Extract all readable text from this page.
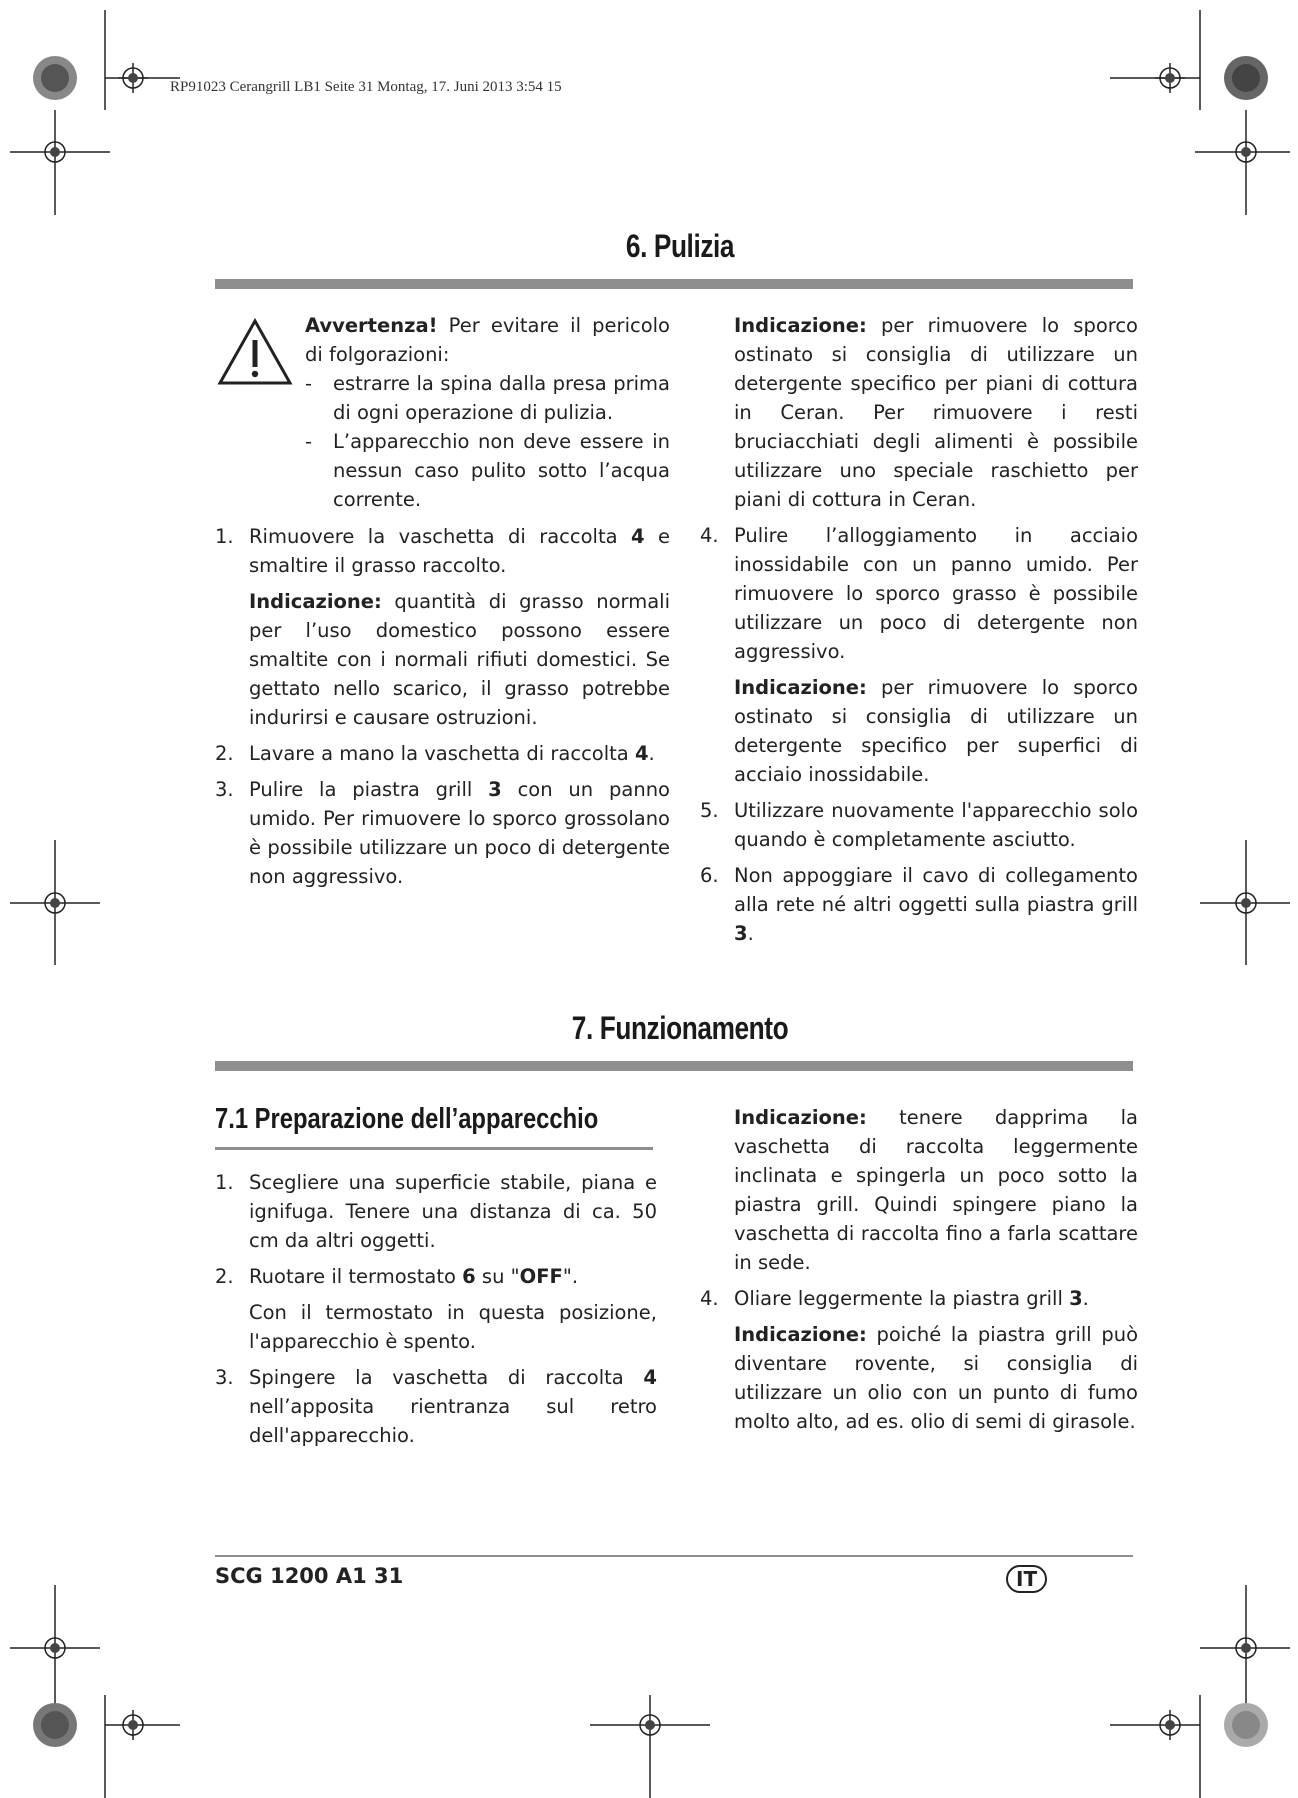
RP91023 Cerangrill LB1 Seite 31 Montag, 17. Juni 2013 3:54 15
6. Pulizia

Avvertenza! Per evitare il pericolo di folgorazioni:

-	estrarre la spina dalla presa prima di ogni operazione di pulizia.
-	L’apparecchio non deve essere in nessun caso pulito sotto l’acqua corrente.
1. Rimuovere la vaschetta di raccolta 4 e smaltire il grasso raccolto.

Indicazione: quantità di grasso normali per l’uso domestico possono essere smaltite con i normali rifiuti domestici. Se gettato nello scarico, il grasso potrebbe indurirsi e causare ostruzioni.

2. Lavare a mano la vaschetta di raccolta 4.
3. Pulire la piastra grill 3 con un panno umido. Per rimuovere lo sporco grossolano è possibile utilizzare un poco di detergente non aggressivo.

Indicazione: per rimuovere lo sporco ostinato si consiglia di utilizzare un detergente specifico per piani di cottura in Ceran. Per rimuovere i resti bruciacchiati degli alimenti è possibile utilizzare uno speciale raschietto per piani di cottura in Ceran.

4. Pulire l’alloggiamento in acciaio inossidabile con un panno umido. Per rimuovere lo sporco grasso è possibile utilizzare un poco di detergente non aggressivo.

Indicazione: per rimuovere lo sporco ostinato si consiglia di utilizzare un detergente specifico per superfici di acciaio inossidabile.

5. Utilizzare nuovamente l'apparecchio solo quando è completamente asciutto.
6. Non appoggiare il cavo di collegamento alla rete né altri oggetti sulla piastra grill 3.
7. Funzionamento
7.1 Preparazione dell’apparecchio
1. Scegliere una superficie stabile, piana e ignifuga. Tenere una distanza di ca. 50 cm da altri oggetti.
2. Ruotare il termostato 6 su "OFF".

Con il termostato in questa posizione, l'apparecchio è spento.

3. Spingere la vaschetta di raccolta 4 nell’apposita rientranza sul retro dell'apparecchio.

Indicazione: tenere dapprima la vaschetta di raccolta leggermente inclinata e spingerla un poco sotto la piastra grill. Quindi spingere piano la vaschetta di raccolta fino a farla scattare in sede.

4. Oliare leggermente la piastra grill 3.

Indicazione: poiché la piastra grill può diventare rovente, si consiglia di utilizzare un olio con un punto di fumo molto alto, ad es. olio di semi di girasole.

SCG 1200 A1 31	IT
